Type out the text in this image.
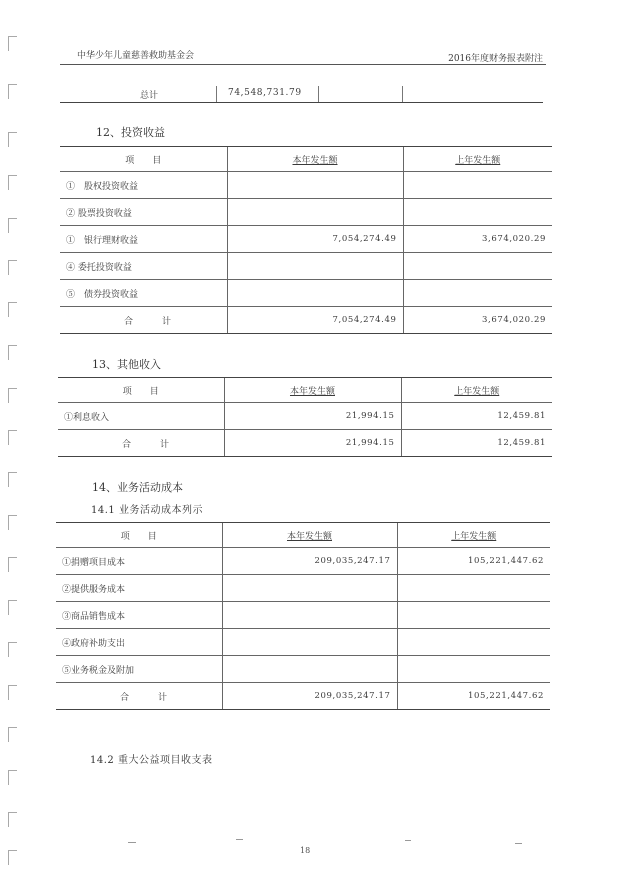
中华少年儿童慈善救助基金会	2016年度财务报表附注
总计	74,548,731.79
12、投资收益
项　　目	本年发生额	上年发生额
①　股权投资收益		
② 股票投资收益		
①　银行理财收益	7,054,274.49	3,674,020.29
④ 委托投资收益		
⑤　债券投资收益		
合　计	7,054,274.49	3,674,020.29
13、其他收入
项　　目	本年发生额	上年发生额
①利息收入	21,994.15	12,459.81
合　计	21,994.15	12,459.81
14、业务活动成本
14.1 业务活动成本列示
项　　目	本年发生额	上年发生额
①捐赠项目成本	209,035,247.17	105,221,447.62
②提供服务成本		
③商品销售成本		
④政府补助支出		
⑤业务税金及附加		
合　计	209,035,247.17	105,221,447.62
14.2 重大公益项目收支表
18
